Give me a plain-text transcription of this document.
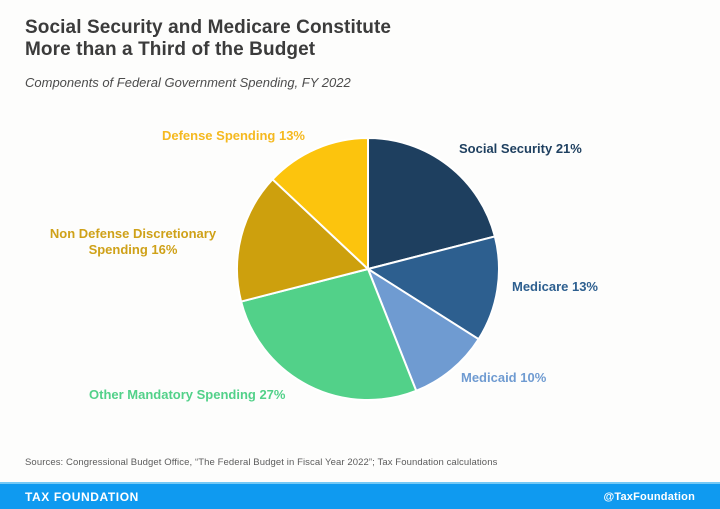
Social Security and Medicare Constitute More than a Third of the Budget
Components of Federal Government Spending, FY 2022
Social Security 21%
Medicare 13%
Medicaid 10%
Other Mandatory Spending 27%
Non Defense Discretionary Spending 16%
Defense Spending 13%
Sources: Congressional Budget Office, “The Federal Budget in Fiscal Year 2022”; Tax Foundation calculations
TAX FOUNDATION	@TaxFoundation
